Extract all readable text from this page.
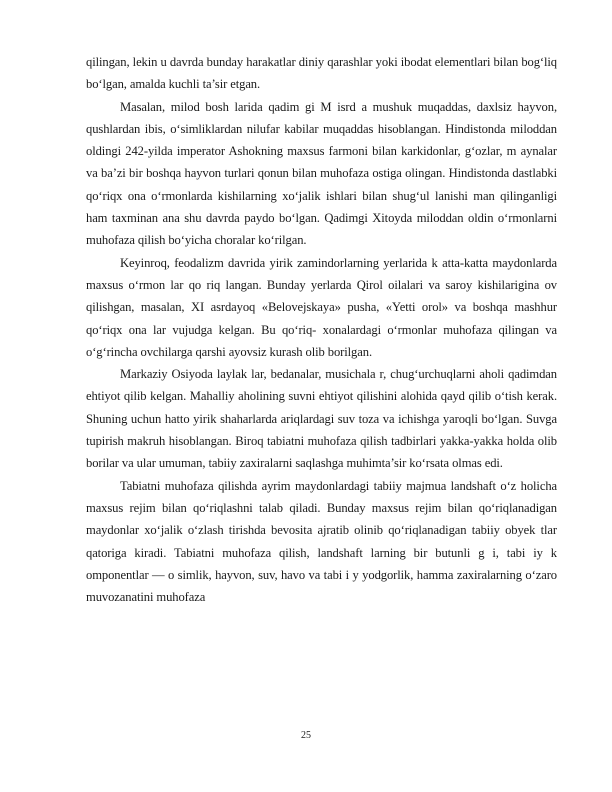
qilingan, lekin u davrda bunday harakatlar diniy qarashlar yoki ibodat elementlari bilan bog‘liq bo‘lgan, amalda kuchli ta’sir etgan.

Masalan, milod bosh larida qadim gi M isrd a mushuk muqaddas, daxlsiz hayvon, qushlardan ibis, o‘simliklardan nilufar kabilar muqaddas hisoblangan. Hindistonda miloddan oldingi 242-yilda imperator Ashokning maxsus farmoni bilan karkidonlar, g‘ozlar, m aynalar va ba’zi bir boshqa hayvon turlari qonun bilan muhofaza ostiga olingan. Hindistonda dastlabki qo‘riqx ona o‘rmonlarda kishilarning xo‘jalik ishlari bilan shug‘ul lanishi man qilinganligi ham taxminan ana shu davrda paydo bo‘lgan. Qadimgi Xitoyda miloddan oldin o‘rmonlarni muhofaza qilish bo‘yicha choralar ko‘rilgan.

Keyinroq, feodalizm davrida yirik zamindorlarning yerlarida k atta-katta maydonlarda maxsus o‘rmon lar qo riq langan. Bunday yerlarda Qirol oilalari va saroy kishilarigina ov qilishgan, masalan, XI asrdayoq «Belovejskaya» pusha, «Yetti orol» va boshqa mashhur qo‘riqx ona lar vujudga kelgan. Bu qo‘riq- xonalardagi o‘rmonlar muhofaza qilingan va o‘g‘rincha ovchilarga qarshi ayovsiz kurash olib borilgan.

Markaziy Osiyoda laylak lar, bedanalar, musichala r, chug‘urchuqlarni aholi qadimdan ehtiyot qilib kelgan. Mahalliy aholining suvni ehtiyot qilishini alohida qayd qilib o‘tish kerak. Shuning uchun hatto yirik shaharlarda ariqlardagi suv toza va ichishga yaroqli bo‘lgan. Suvga tupirish makruh hisoblangan. Biroq tabiatni muhofaza qilish tadbirlari yakka-yakka holda olib borilar va ular umuman, tabiiy zaxiralarni saqlashga muhimta’sir ko‘rsata olmas edi.

Tabiatni muhofaza qilishda ayrim maydonlardagi tabiiy majmua landshaft o‘z holicha maxsus rejim bilan qo‘riqlashni talab qiladi. Bunday maxsus rejim bilan qo‘riqlanadigan maydonlar xo‘jalik o‘zlash tirishda bevosita ajratib olinib qo‘riqlanadigan tabiiy obyek tlar qatoriga kiradi. Tabiatni muhofaza qilish, landshaft larning bir butunli g i, tabi iy k omponentlar — o simlik, hayvon, suv, havo va tabi i y yodgorlik, hamma zaxiralarning o‘zaro muvozanatini muhofaza

25
